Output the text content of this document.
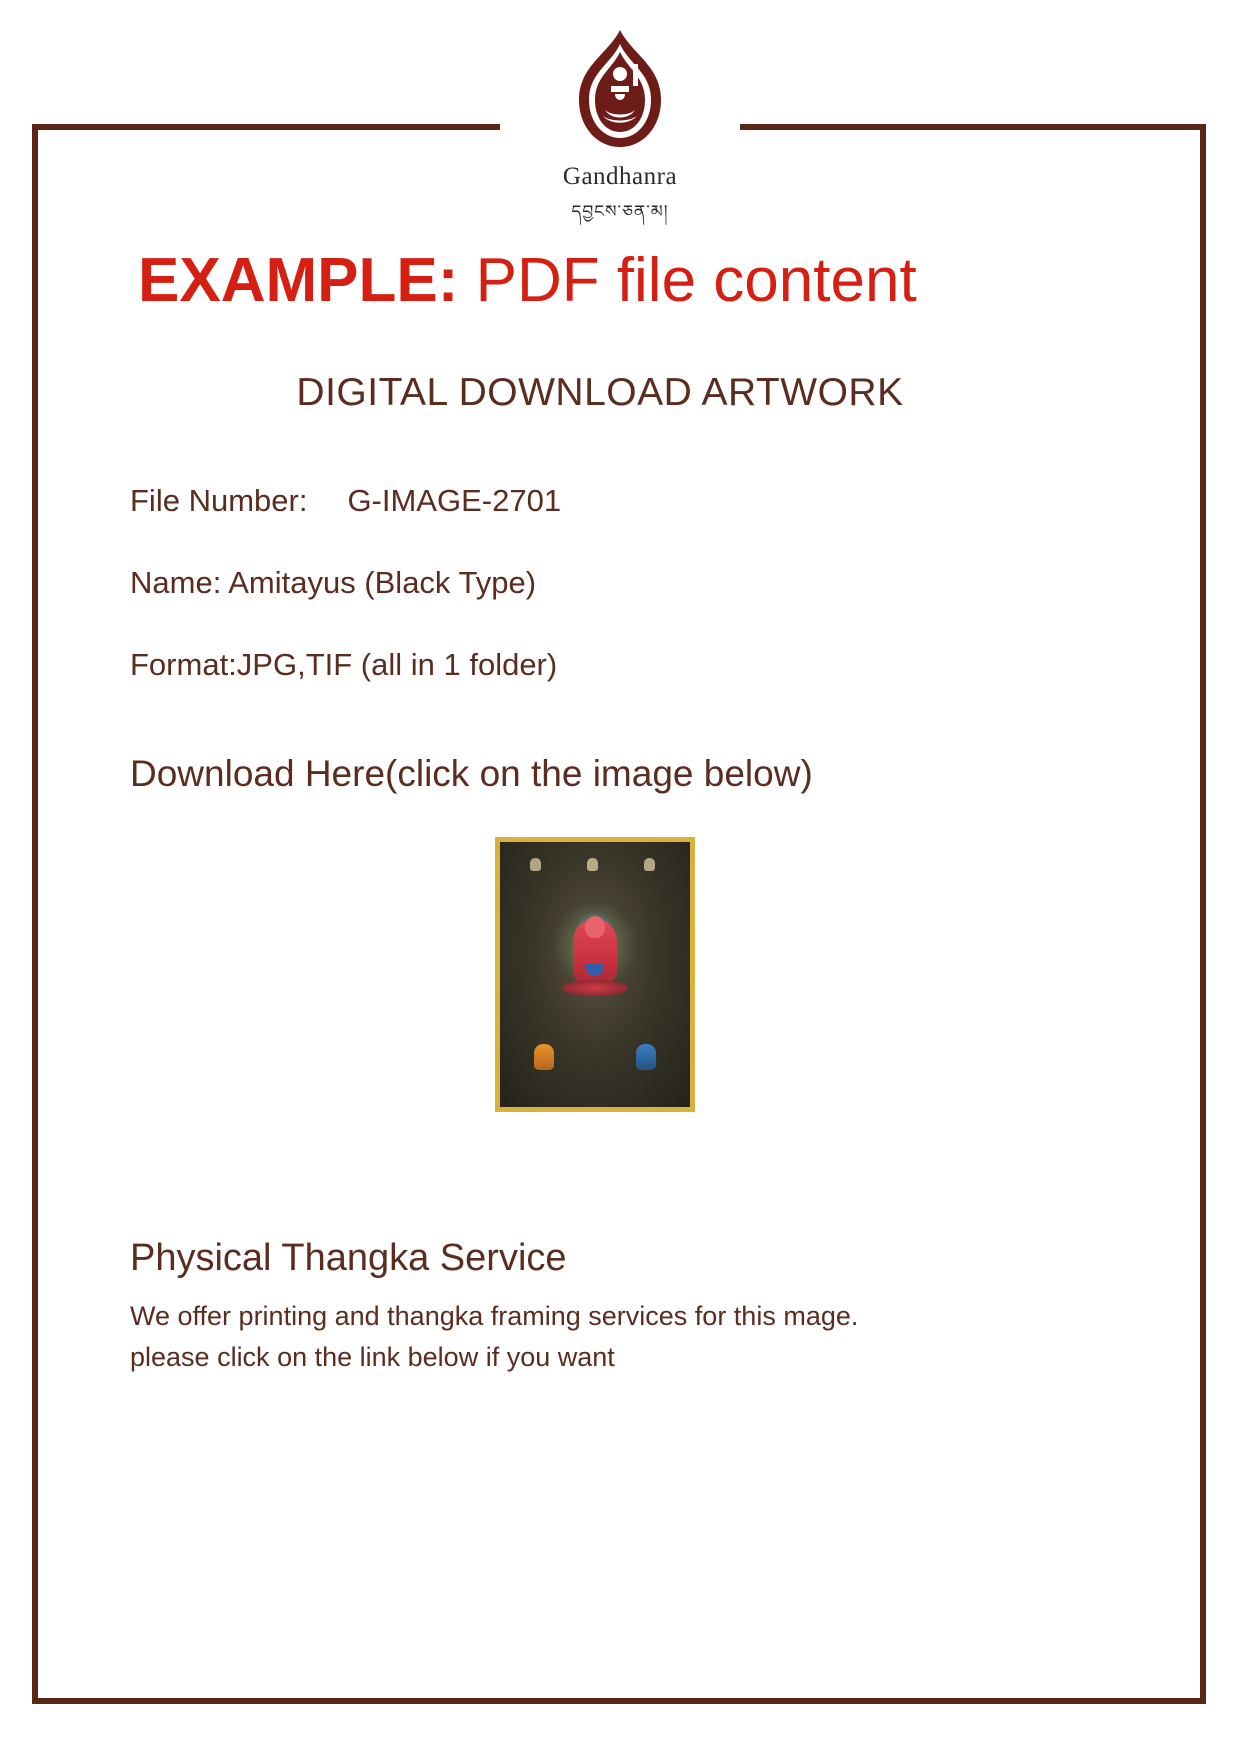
Gandhanra
དབྱངས་ཅན་མ།
EXAMPLE: PDF file content
DIGITAL DOWNLOAD ARTWORK
File Number: G-IMAGE-2701
Name: Amitayus (Black Type)
Format:JPG,TIF (all in 1 folder)
Download Here(click on the image below)
Physical Thangka Service
We offer printing and thangka framing services for this mage.
please click on the link below if you want
